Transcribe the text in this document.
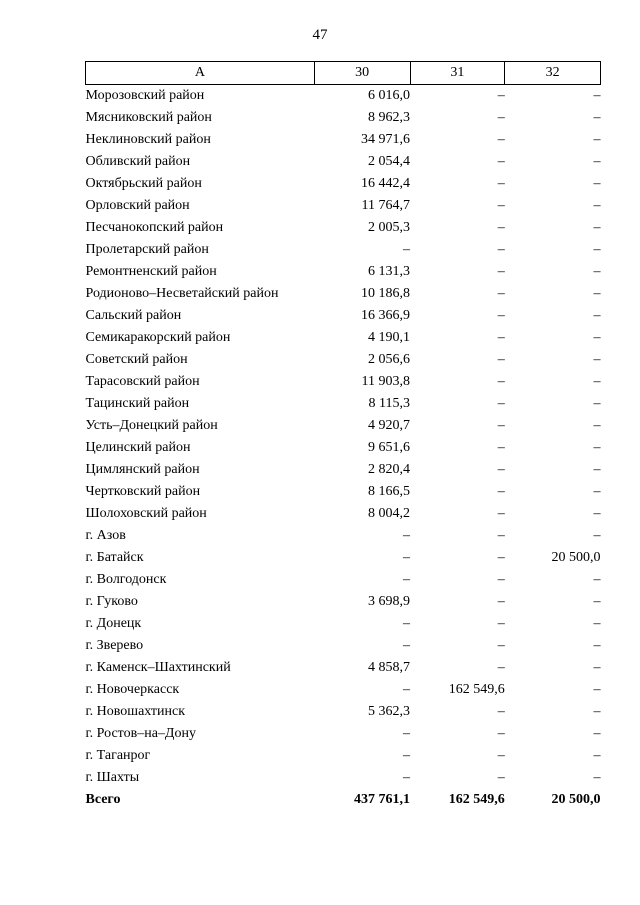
47
А	30	31	32
Морозовский район	6 016,0	–	–
Мясниковский район	8 962,3	–	–
Неклиновский район	34 971,6	–	–
Обливский район	2 054,4	–	–
Октябрьский район	16 442,4	–	–
Орловский район	11 764,7	–	–
Песчанокопский район	2 005,3	–	–
Пролетарский район	–	–	–
Ремонтненский район	6 131,3	–	–
Родионово–Несветайский район	10 186,8	–	–
Сальский район	16 366,9	–	–
Семикаракорский район	4 190,1	–	–
Советский район	2 056,6	–	–
Тарасовский район	11 903,8	–	–
Тацинский район	8 115,3	–	–
Усть–Донецкий район	4 920,7	–	–
Целинский район	9 651,6	–	–
Цимлянский район	2 820,4	–	–
Чертковский район	8 166,5	–	–
Шолоховский район	8 004,2	–	–
г. Азов	–	–	–
г. Батайск	–	–	20 500,0
г. Волгодонск	–	–	–
г. Гуково	3 698,9	–	–
г. Донецк	–	–	–
г. Зверево	–	–	–
г. Каменск–Шахтинский	4 858,7	–	–
г. Новочеркасск	–	162 549,6	–
г. Новошахтинск	5 362,3	–	–
г. Ростов–на–Дону	–	–	–
г. Таганрог	–	–	–
г. Шахты	–	–	–
Всего	437 761,1	162 549,6	20 500,0
